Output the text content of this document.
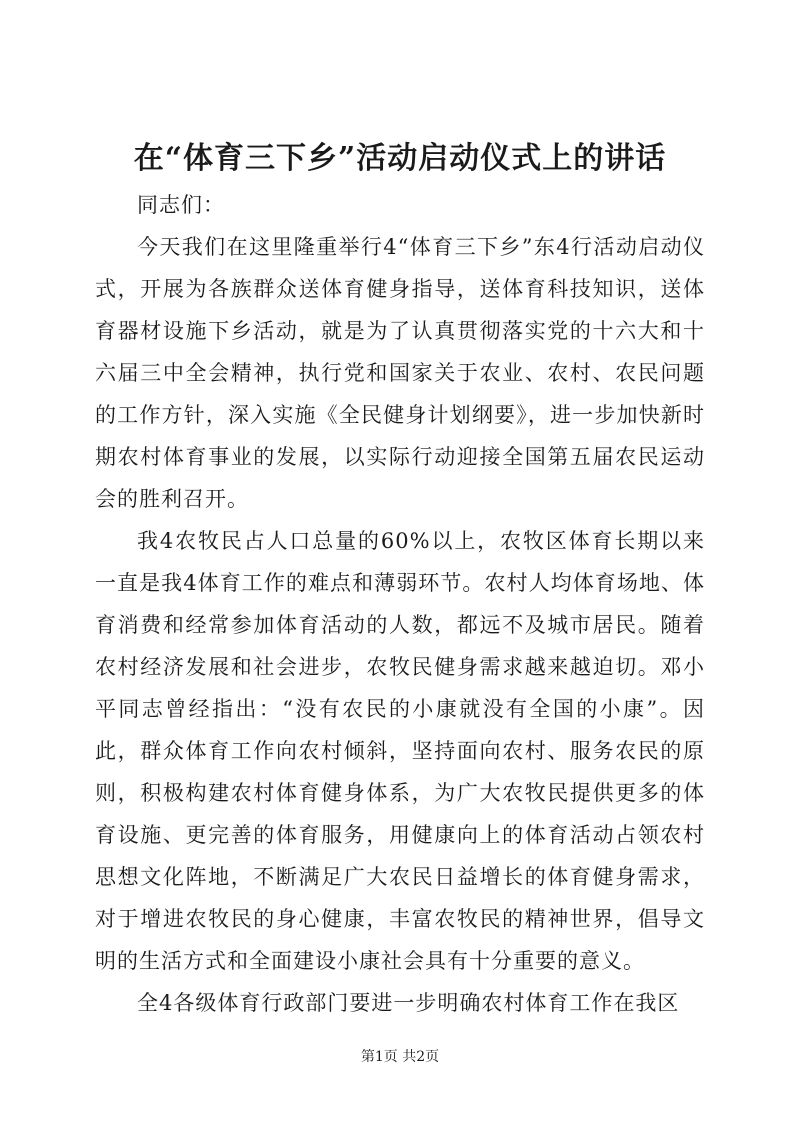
在“体育三下乡”活动启动仪式上的讲话

同志们：

今天我们在这里隆重举行4“体育三下乡”东4行活动启动仪式，开展为各族群众送体育健身指导，送体育科技知识，送体育器材设施下乡活动，就是为了认真贯彻落实党的十六大和十六届三中全会精神，执行党和国家关于农业、农村、农民问题的工作方针，深入实施《全民健身计划纲要》，进一步加快新时期农村体育事业的发展，以实际行动迎接全国第五届农民运动会的胜利召开。

我4农牧民占人口总量的60%以上，农牧区体育长期以来一直是我4体育工作的难点和薄弱环节。农村人均体育场地、体育消费和经常参加体育活动的人数，都远不及城市居民。随着农村经济发展和社会进步，农牧民健身需求越来越迫切。邓小平同志曾经指出：“没有农民的小康就没有全国的小康”。因此，群众体育工作向农村倾斜，坚持面向农村、服务农民的原则，积极构建农村体育健身体系，为广大农牧民提供更多的体育设施、更完善的体育服务，用健康向上的体育活动占领农村思想文化阵地，不断满足广大农民日益增长的体育健身需求，对于增进农牧民的身心健康，丰富农牧民的精神世界，倡导文明的生活方式和全面建设小康社会具有十分重要的意义。

全4各级体育行政部门要进一步明确农村体育工作在我区

第1页 共2页
